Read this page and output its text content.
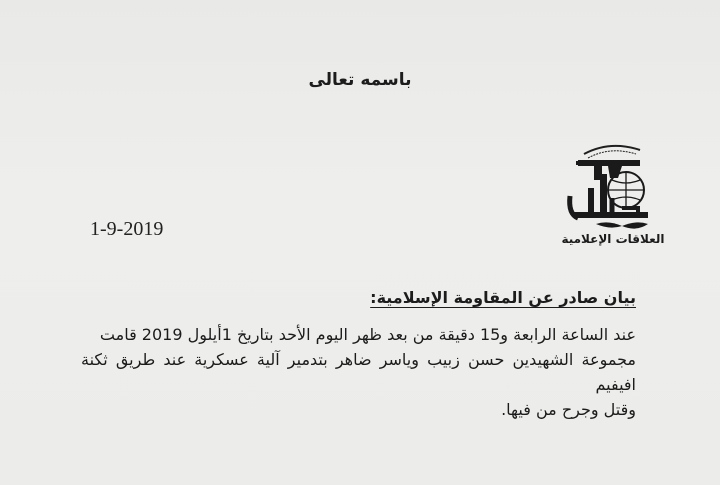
باسمه تعالى
العلاقات الإعلامية
1-9-2019
بيان صادر عن المقاومة الإسلامية:

عند الساعة الرابعة و15 دقيقة من بعد ظهر اليوم الأحد بتاريخ 1أيلول 2019 قامت

مجموعة الشهيدين حسن زبيب وياسر ضاهر بتدمير آلية عسكرية عند طريق ثكنة افيفيم

وقتل وجرح من فيها.
